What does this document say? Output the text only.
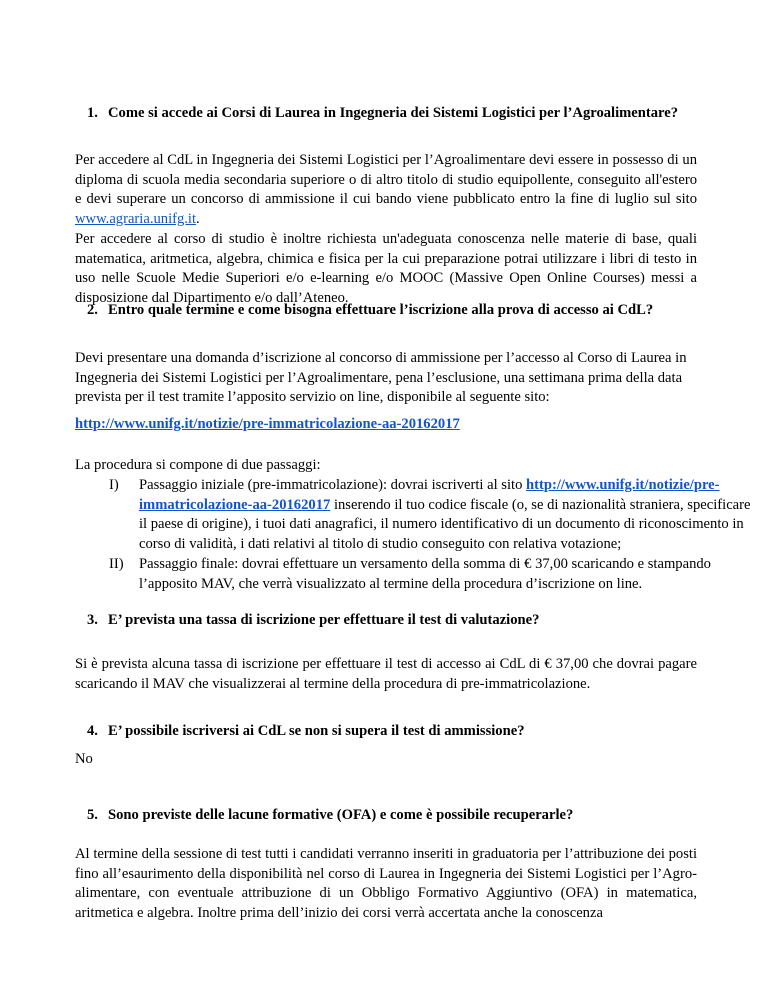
1. Come si accede ai Corsi di Laurea in Ingegneria dei Sistemi Logistici per l’Agroalimentare?

Per accedere al CdL in Ingegneria dei Sistemi Logistici per l’Agroalimentare devi essere in possesso di un diploma di scuola media secondaria superiore o di altro titolo di studio equipollente, conseguito all'estero e devi superare un concorso di ammissione il cui bando viene pubblicato entro la fine di luglio sul sito www.agraria.unifg.it.

Per accedere al corso di studio è inoltre richiesta un'adeguata conoscenza nelle materie di base, quali matematica, aritmetica, algebra, chimica e fisica per la cui preparazione potrai utilizzare i libri di testo in uso nelle Scuole Medie Superiori e/o e-learning e/o MOOC (Massive Open Online Courses) messi a disposizione dal Dipartimento e/o dall’Ateneo.

2. Entro quale termine e come bisogna effettuare l’iscrizione alla prova di accesso ai CdL?

Devi presentare una domanda d’iscrizione al concorso di ammissione per l’accesso al Corso di Laurea in Ingegneria dei Sistemi Logistici per l’Agroalimentare, pena l’esclusione, una settimana prima della data prevista per il test tramite l’apposito servizio on line, disponibile al seguente sito:

http://www.unifg.it/notizie/pre-immatricolazione-aa-20162017

La procedura si compone di due passaggi:

I) Passaggio iniziale (pre-immatricolazione): dovrai iscriverti al sito http://www.unifg.it/notizie/pre-immatricolazione-aa-20162017 inserendo il tuo codice fiscale (o, se di nazionalità straniera, specificare il paese di origine), i tuoi dati anagrafici, il numero identificativo di un documento di riconoscimento in corso di validità, i dati relativi al titolo di studio conseguito con relativa votazione;
II) Passaggio finale: dovrai effettuare un versamento della somma di € 37,00 scaricando e stampando l’apposito MAV, che verrà visualizzato al termine della procedura d’iscrizione on line.
3. E’ prevista una tassa di iscrizione per effettuare il test di valutazione?

Si è prevista alcuna tassa di iscrizione per effettuare il test di accesso ai CdL di € 37,00 che dovrai pagare scaricando il MAV che visualizzerai al termine della procedura di pre-immatricolazione.

4. E’ possibile iscriversi ai CdL se non si supera il test di ammissione?

No

5. Sono previste delle lacune formative (OFA) e come è possibile recuperarle?

Al termine della sessione di test tutti i candidati verranno inseriti in graduatoria per l’attribuzione dei posti fino all’esaurimento della disponibilità nel corso di Laurea in Ingegneria dei Sistemi Logistici per l’Agro-alimentare, con eventuale attribuzione di un Obbligo Formativo Aggiuntivo (OFA) in matematica, aritmetica e algebra. Inoltre prima dell’inizio dei corsi verrà accertata anche la conoscenza
